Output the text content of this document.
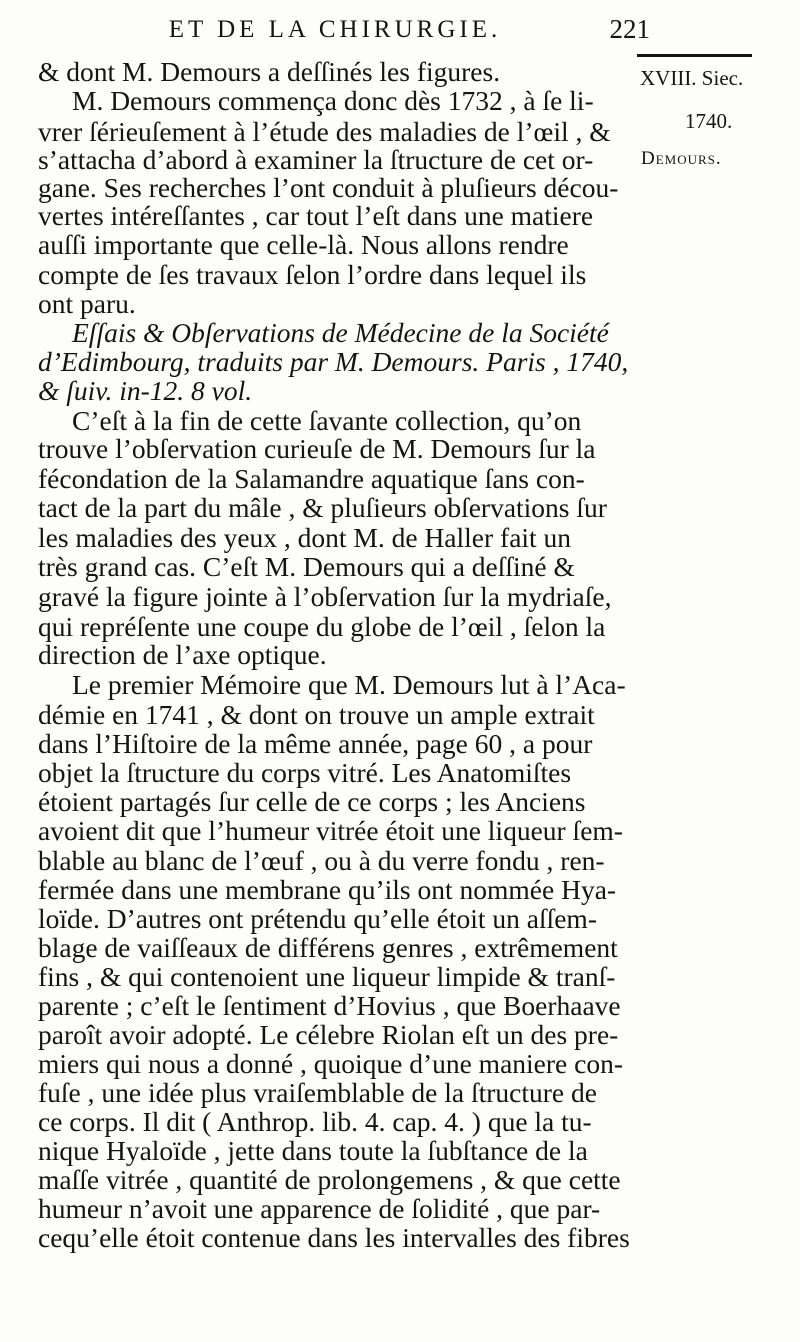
ET DE LA CHIRURGIE.	221
XVIII. Siec.
1740.
Demours.
& dont M. Demours a deſſinés les figures.
M. Demours commença donc dès 1732 , à ſe li-
vrer ſérieuſement à l’étude des maladies de l’œil , &
s’attacha d’abord à examiner la ſtructure de cet or-
gane. Ses recherches l’ont conduit à pluſieurs décou-
vertes intéreſſantes , car tout l’eſt dans une matiere
auſſi importante que celle-là. Nous allons rendre
compte de ſes travaux ſelon l’ordre dans lequel ils
ont paru.
Eſſais & Obſervations de Médecine de la Société
d’Edimbourg, traduits par M. Demours. Paris , 1740,
& ſuiv. in-12. 8 vol.
C’eſt à la fin de cette ſavante collection, qu’on
trouve l’obſervation curieuſe de M. Demours ſur la
fécondation de la Salamandre aquatique ſans con-
tact de la part du mâle , & pluſieurs obſervations ſur
les maladies des yeux , dont M. de Haller fait un
très grand cas. C’eſt M. Demours qui a deſſiné &
gravé la figure jointe à l’obſervation ſur la mydriaſe,
qui repréſente une coupe du globe de l’œil , ſelon la
direction de l’axe optique.
Le premier Mémoire que M. Demours lut à l’Aca-
démie en 1741 , & dont on trouve un ample extrait
dans l’Hiſtoire de la même année, page 60 , a pour
objet la ſtructure du corps vitré. Les Anatomiſtes
étoient partagés ſur celle de ce corps ; les Anciens
avoient dit que l’humeur vitrée étoit une liqueur ſem-
blable au blanc de l’œuf , ou à du verre fondu , ren-
fermée dans une membrane qu’ils ont nommée Hya-
loïde. D’autres ont prétendu qu’elle étoit un aſſem-
blage de vaiſſeaux de différens genres , extrêmement
fins , & qui contenoient une liqueur limpide & tranſ-
parente ; c’eſt le ſentiment d’Hovius , que Boerhaave
paroît avoir adopté. Le célebre Riolan eſt un des pre-
miers qui nous a donné , quoique d’une maniere con-
fuſe , une idée plus vraiſemblable de la ſtructure de
ce corps. Il dit ( Anthrop. lib. 4. cap. 4. ) que la tu-
nique Hyaloïde , jette dans toute la ſubſtance de la
maſſe vitrée , quantité de prolongemens , & que cette
humeur n’avoit une apparence de ſolidité , que par-
cequ’elle étoit contenue dans les intervalles des fibres
